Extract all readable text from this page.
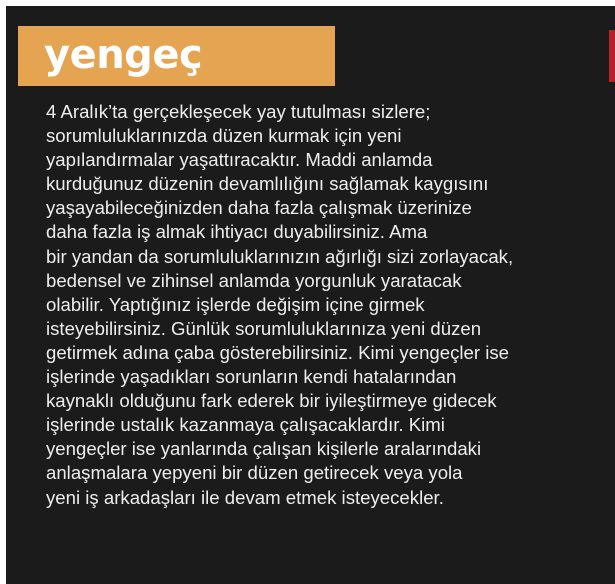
yengeç

4 Aralık’ta gerçekleşecek yay tutulması sizlere;
sorumluluklarınızda düzen kurmak için yeni
yapılandırmalar yaşattıracaktır. Maddi anlamda
kurduğunuz düzenin devamlılığını sağlamak kaygısını
yaşayabileceğinizden daha fazla çalışmak üzerinize
daha fazla iş almak ihtiyacı duyabilirsiniz. Ama
bir yandan da sorumluluklarınızın ağırlığı sizi zorlayacak,
bedensel ve zihinsel anlamda yorgunluk yaratacak
olabilir. Yaptığınız işlerde değişim içine girmek
isteyebilirsiniz. Günlük sorumluluklarınıza yeni düzen
getirmek adına çaba gösterebilirsiniz. Kimi yengeçler ise
işlerinde yaşadıkları sorunların kendi hatalarından
kaynaklı olduğunu fark ederek bir iyileştirmeye gidecek
işlerinde ustalık kazanmaya çalışacaklardır. Kimi
yengeçler ise yanlarında çalışan kişilerle aralarındaki
anlaşmalara yepyeni bir düzen getirecek veya yola
yeni iş arkadaşları ile devam etmek isteyecekler.
